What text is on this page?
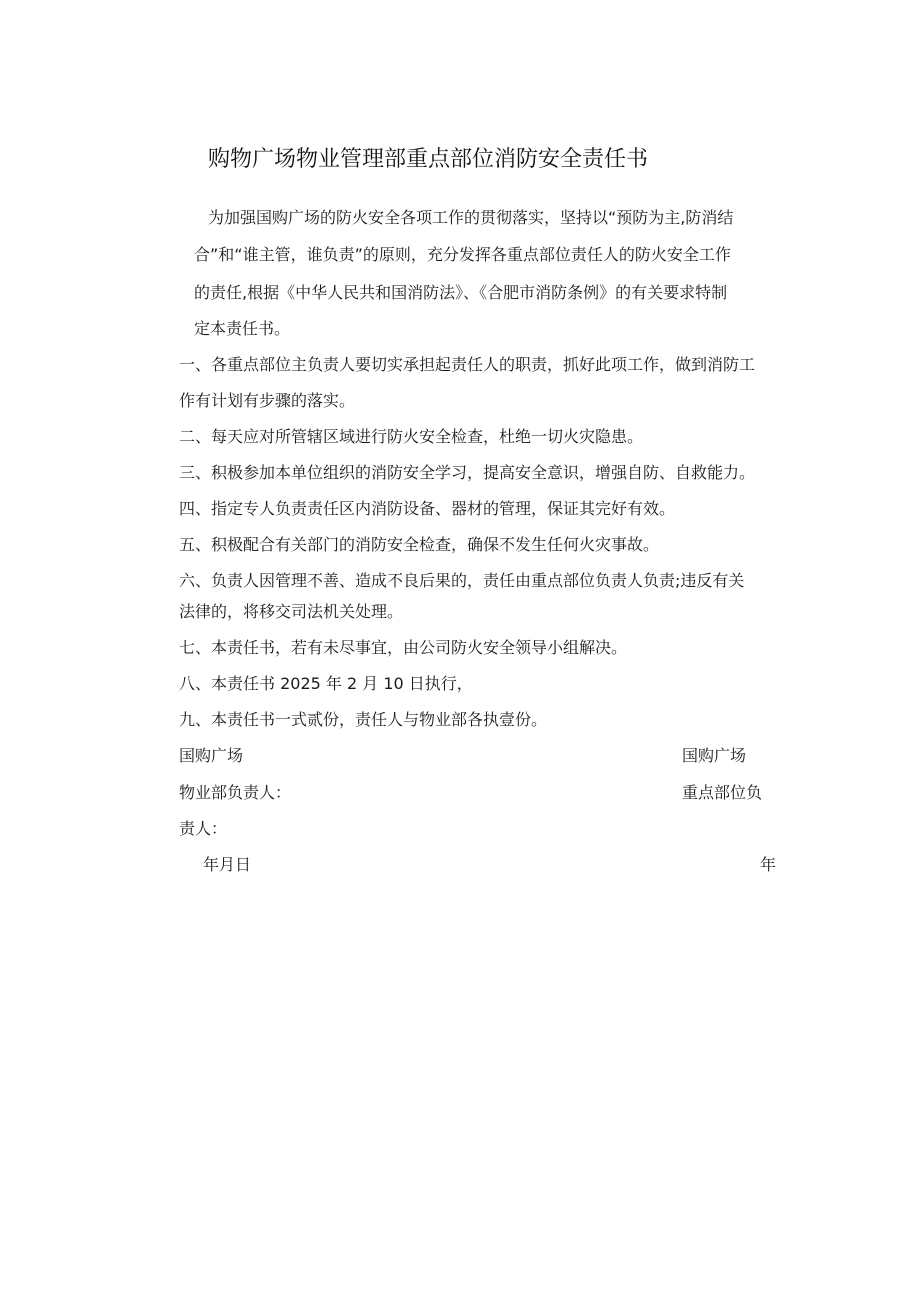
购物广场物业管理部重点部位消防安全责任书
为加强国购广场的防火安全各项工作的贯彻落实，坚持以“预防为主,防消结
合”和“谁主管，谁负责”的原则，充分发挥各重点部位责任人的防火安全工作
的责任,根据《中华人民共和国消防法》、《合肥市消防条例》的有关要求特制
定本责任书。
一、各重点部位主负责人要切实承担起责任人的职责，抓好此项工作，做到消防工
作有计划有步骤的落实。
二、每天应对所管辖区域进行防火安全检查，杜绝一切火灾隐患。
三、积极参加本单位组织的消防安全学习，提高安全意识，增强自防、自救能力。
四、指定专人负责责任区内消防设备、器材的管理，保证其完好有效。
五、积极配合有关部门的消防安全检查，确保不发生任何火灾事故。
六、负责人因管理不善、造成不良后果的，责任由重点部位负责人负责;违反有关
法律的，将移交司法机关处理。
七、本责任书，若有未尽事宜，由公司防火安全领导小组解决。
八、本责任书 2025 年 2 月 10 日执行，
九、本责任书一式贰份，责任人与物业部各执壹份。
国购广场	国购广场
物业部负责人：	重点部位负
责人：
年月日	年
